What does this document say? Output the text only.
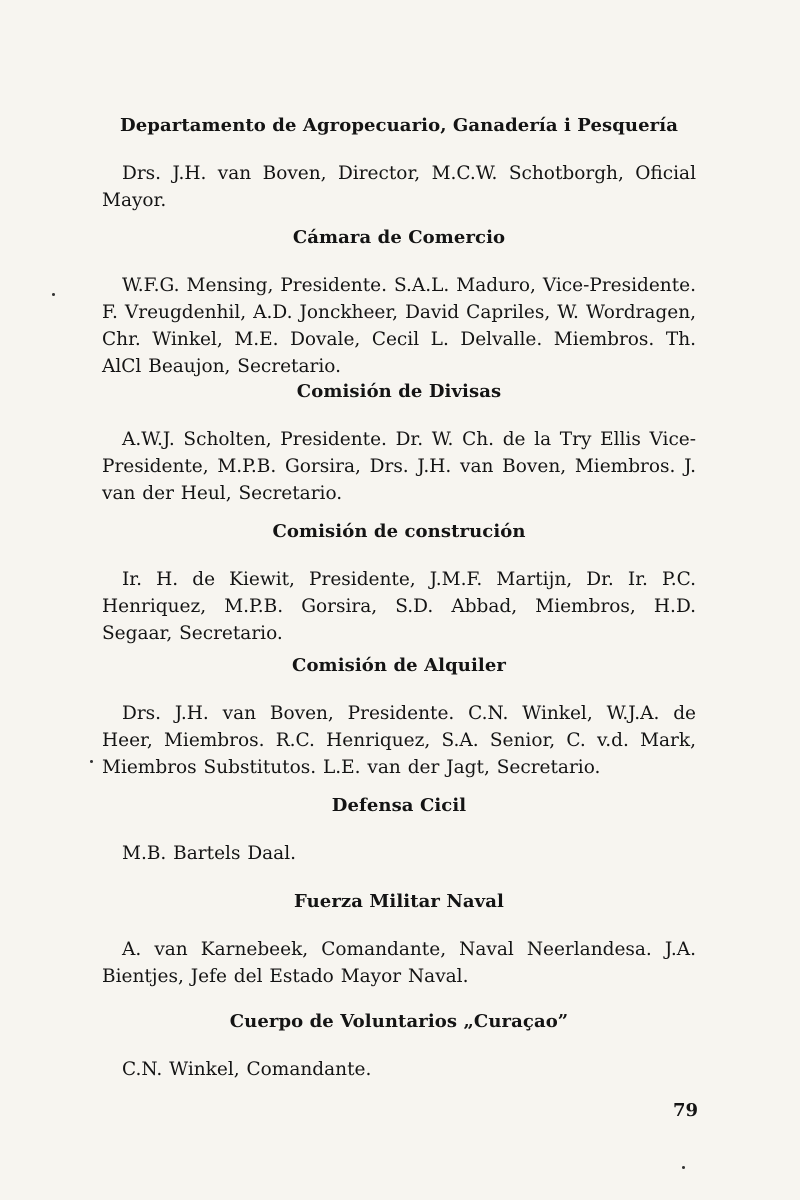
Departamento de Agropecuario, Ganadería i Pesquería

Drs. J.H. van Boven, Director, M.C.W. Schotborgh, Oficial Mayor.

Cámara de Comercio

W.F.G. Mensing, Presidente. S.A.L. Maduro, Vice-Presidente. F. Vreugdenhil, A.D. Jonckheer, David Capriles, W. Wordragen, Chr. Winkel, M.E. Dovale, Cecil L. Delvalle. Miembros. Th. AlCl Beaujon, Secretario.

Comisión de Divisas

A.W.J. Scholten, Presidente. Dr. W. Ch. de la Try Ellis Vice-Presidente, M.P.B. Gorsira, Drs. J.H. van Boven, Miembros. J. van der Heul, Secretario.

Comisión de construción

Ir. H. de Kiewit, Presidente, J.M.F. Martijn, Dr. Ir. P.C. Henriquez, M.P.B. Gorsira, S.D. Abbad, Miembros, H.D. Segaar, Secretario.

Comisión de Alquiler

Drs. J.H. van Boven, Presidente. C.N. Winkel, W.J.A. de Heer, Miembros. R.C. Henriquez, S.A. Senior, C. v.d. Mark, Miembros Substitutos. L.E. van der Jagt, Secretario.

Defensa Cicil

M.B. Bartels Daal.

Fuerza Militar Naval

A. van Karnebeek, Comandante, Naval Neerlandesa. J.A. Bientjes, Jefe del Estado Mayor Naval.

Cuerpo de Voluntarios „Curaçao”

C.N. Winkel, Comandante.

79
